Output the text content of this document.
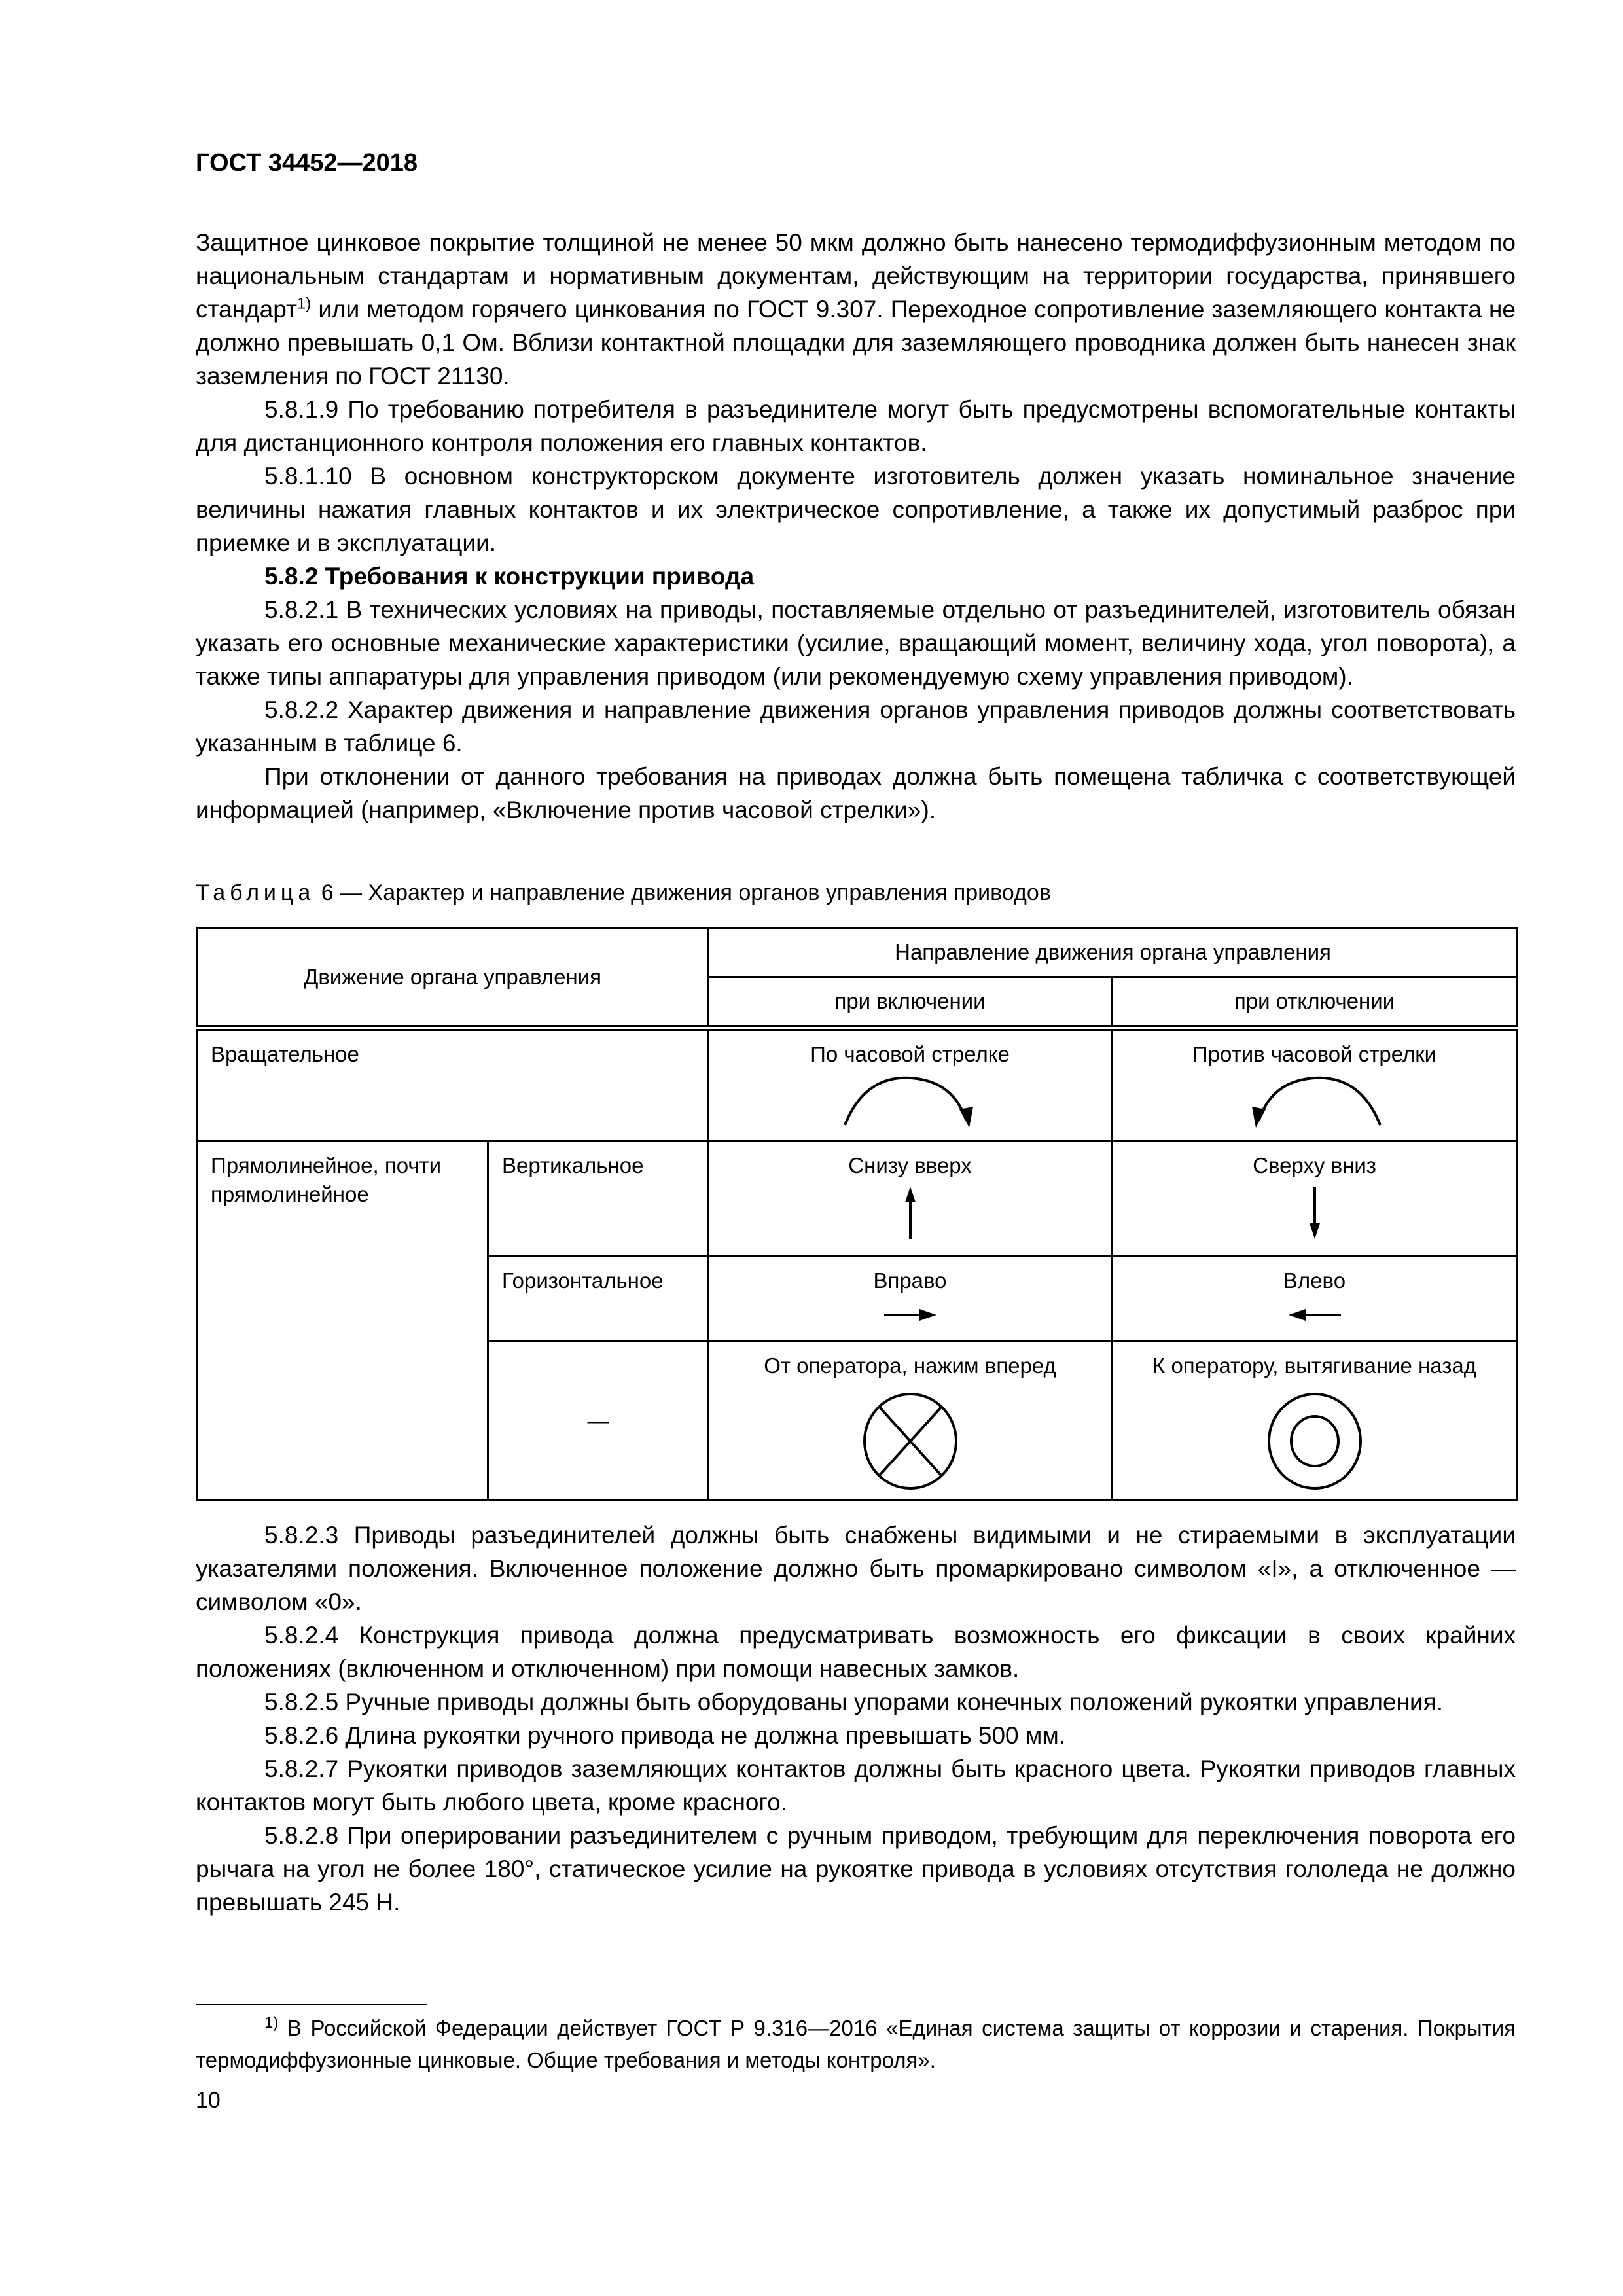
ГОСТ 34452—2018

Защитное цинковое покрытие толщиной не менее 50 мкм должно быть нанесено термодиффузионным методом по национальным стандартам и нормативным документам, действующим на территории государства, принявшего стандарт$^{1)}$ или методом горячего цинкования по ГОСТ 9.307. Переходное сопротивление заземляющего контакта не должно превышать 0,1 Ом. Вблизи контактной площадки для заземляющего проводника должен быть нанесен знак заземления по ГОСТ 21130.

5.8.1.9 По требованию потребителя в разъединителе могут быть предусмотрены вспомогательные контакты для дистанционного контроля положения его главных контактов.

5.8.1.10 В основном конструкторском документе изготовитель должен указать номинальное значение величины нажатия главных контактов и их электрическое сопротивление, а также их допустимый разброс при приемке и в эксплуатации.

5.8.2 Требования к конструкции привода

5.8.2.1 В технических условиях на приводы, поставляемые отдельно от разъединителей, изготовитель обязан указать его основные механические характеристики (усилие, вращающий момент, величину хода, угол поворота), а также типы аппаратуры для управления приводом (или рекомендуемую схему управления приводом).

5.8.2.2 Характер движения и направление движения органов управления приводов должны соответствовать указанным в таблице 6.

При отклонении от данного требования на приводах должна быть помещена табличка с соответствующей информацией (например, «Включение против часовой стрелки»).

Таблица 6 — Характер и направление движения органов управления приводов
Движение органа управления		Направление движения органа управления	
		при включении	при отключении
Вращательное		По часовой стрелке	Против часовой стрелки

Прямолинейное, почти прямолинейное	Вертикальное	Снизу вверх	Сверху вниз

	Горизонтальное	Вправо	Влево

	—	От оператора, нажим вперед	К оператору, вытягивание назад

5.8.2.3 Приводы разъединителей должны быть снабжены видимыми и не стираемыми в эксплуатации указателями положения. Включенное положение должно быть промаркировано символом «I», а отключенное — символом «0».

5.8.2.4 Конструкция привода должна предусматривать возможность его фиксации в своих крайних положениях (включенном и отключенном) при помощи навесных замков.

5.8.2.5 Ручные приводы должны быть оборудованы упорами конечных положений рукоятки управления.

5.8.2.6 Длина рукоятки ручного привода не должна превышать 500 мм.

5.8.2.7 Рукоятки приводов заземляющих контактов должны быть красного цвета. Рукоятки приводов главных контактов могут быть любого цвета, кроме красного.

5.8.2.8 При оперировании разъединителем с ручным приводом, требующим для переключения поворота его рычага на угол не более 180°, статическое усилие на рукоятке привода в условиях отсутствия гололеда не должно превышать 245 Н.

$^{1)}$ В Российской Федерации действует ГОСТ Р 9.316—2016 «Единая система защиты от коррозии и старения. Покрытия термодиффузионные цинковые. Общие требования и методы контроля».

10
